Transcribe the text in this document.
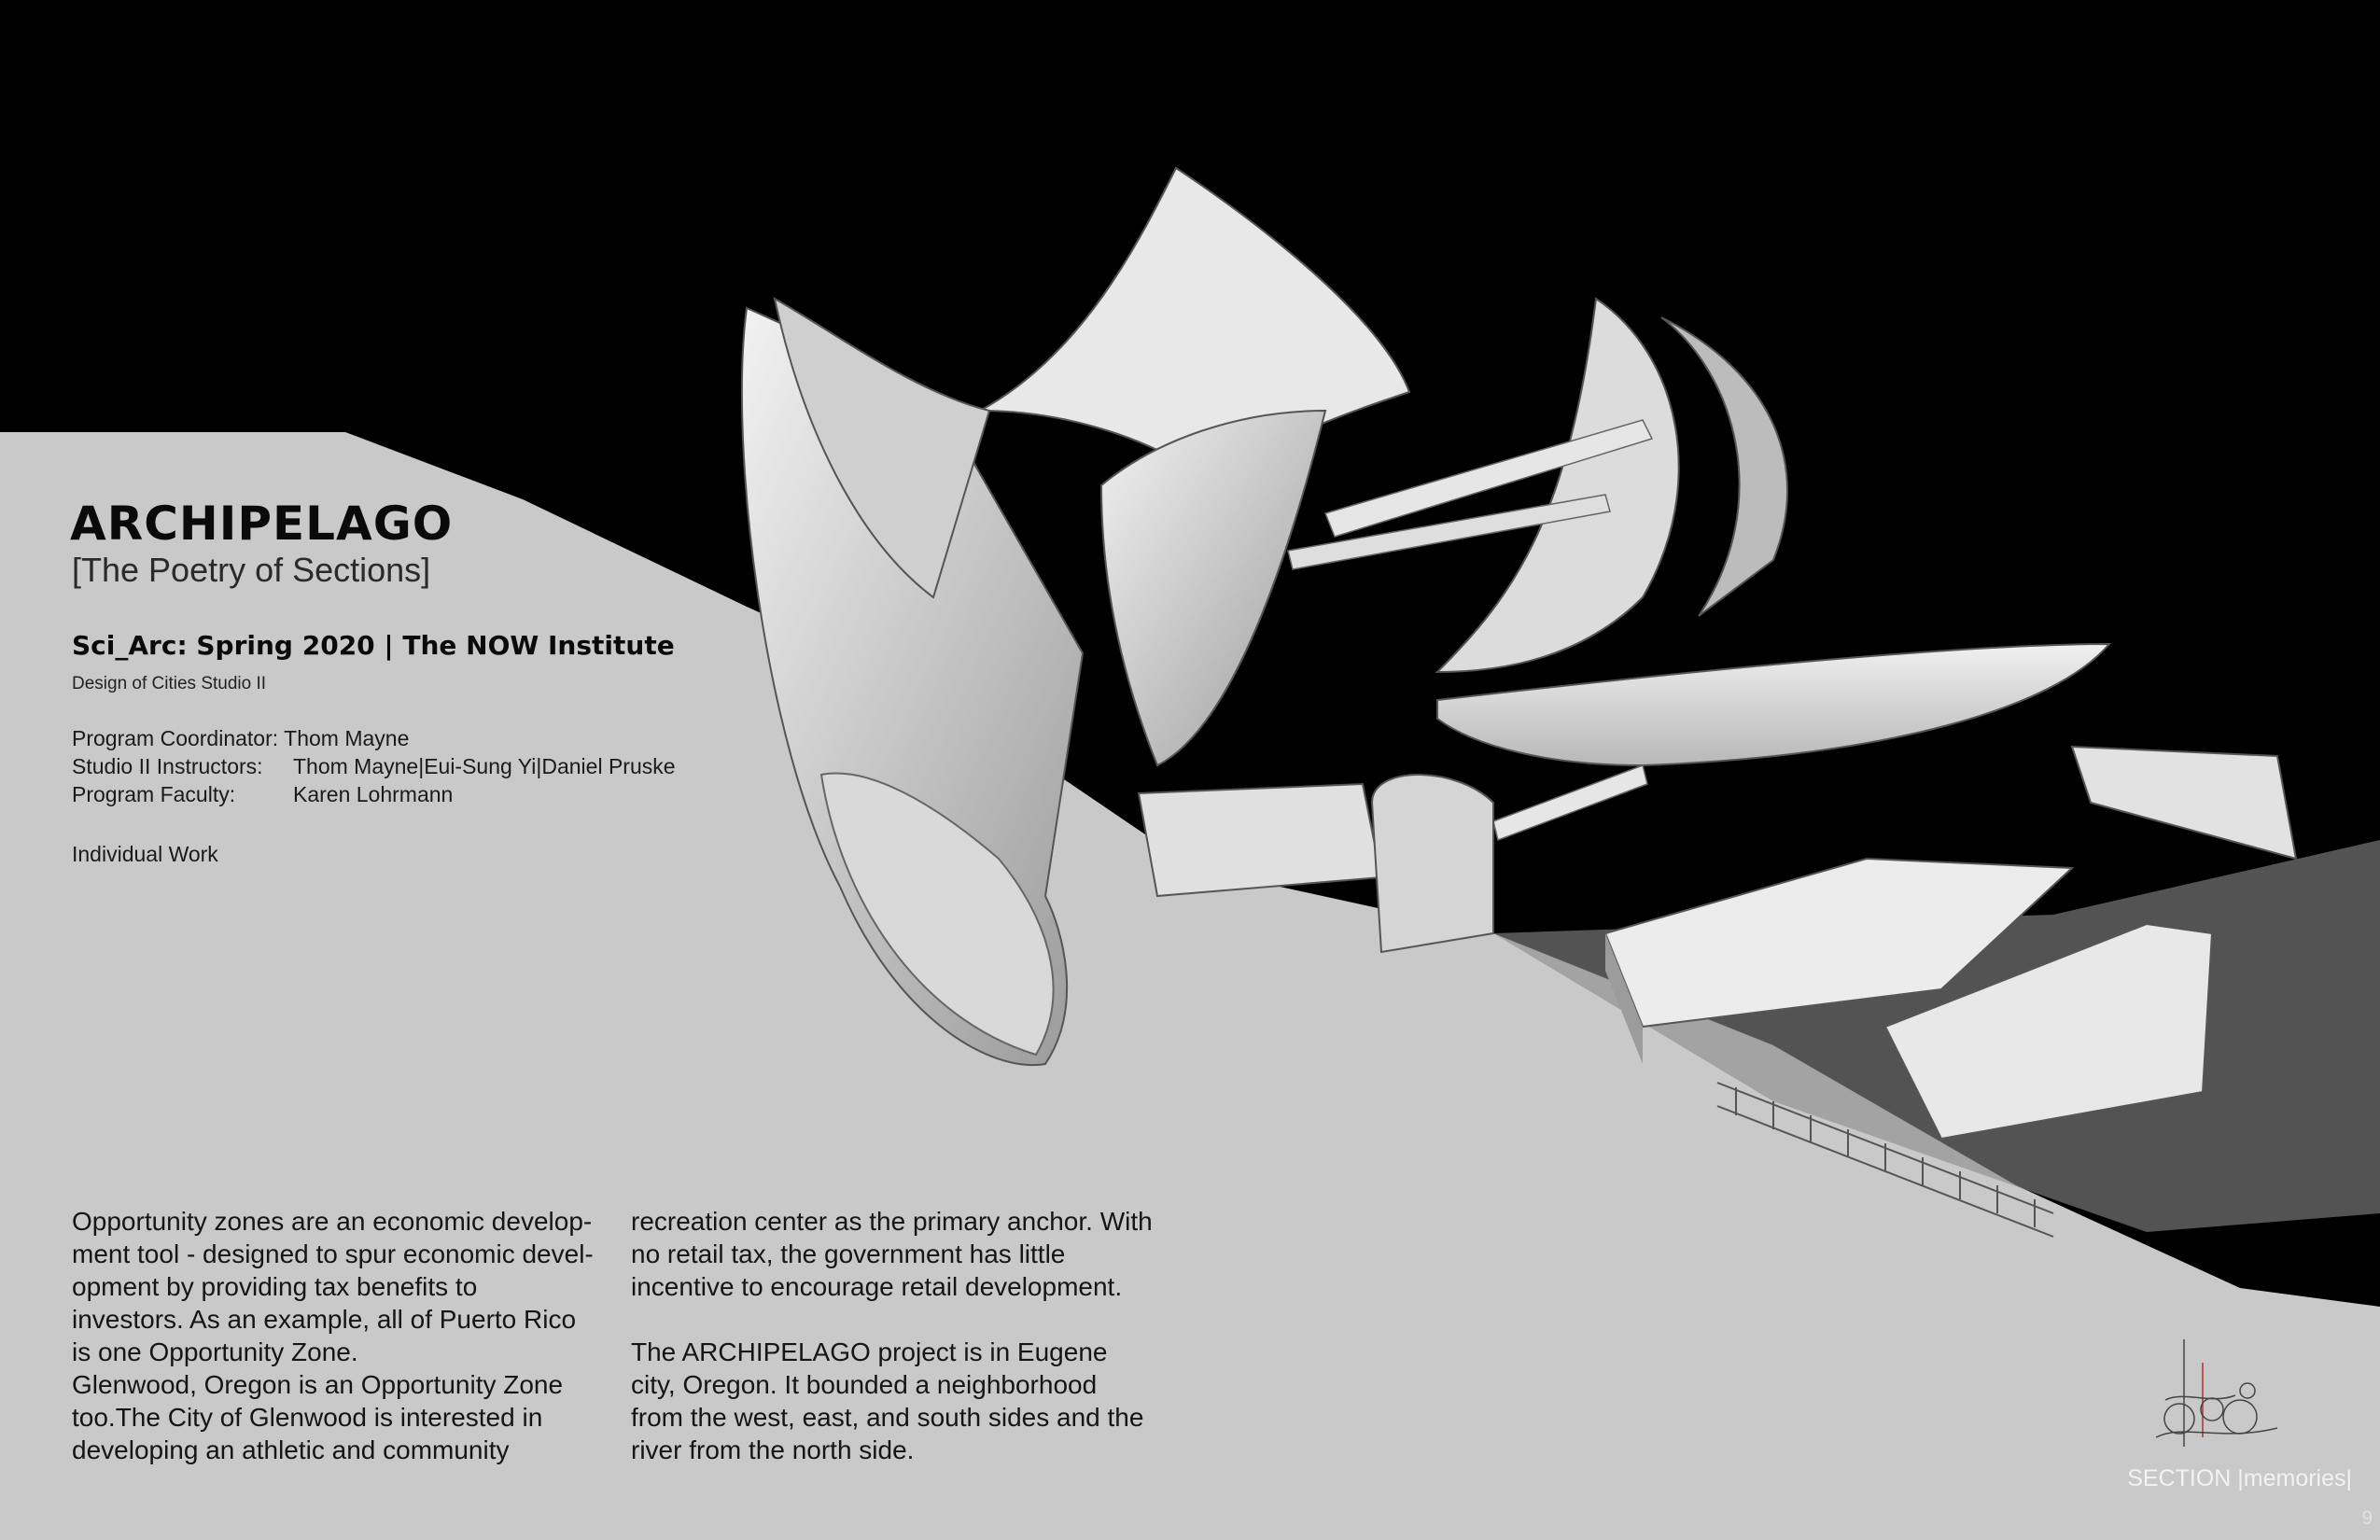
ARCHIPELAGO
[The Poetry of Sections]
Sci_Arc: Spring 2020 | The NOW Institute
Design of Cities Studio II
Program Coordinator: Thom Mayne
Studio II Instructors:	Thom Mayne|Eui-Sung Yi|Daniel Pruske
Program Faculty:	Karen Lohrmann
Individual Work

Opportunity zones are an economic develop-ment tool - designed to spur economic devel-opment by providing tax benefits to investors. As an example, all of Puerto Rico is one Opportunity Zone.

Glenwood, Oregon is an Opportunity Zone too.The City of Glenwood is interested in developing an athletic and community

recreation center as the primary anchor. With no retail tax, the government has little incentive to encourage retail development.

The ARCHIPELAGO project is in Eugene city, Oregon. It bounded a neighborhood from the west, east, and south sides and the river from the north side.

SECTION |memories|
9
